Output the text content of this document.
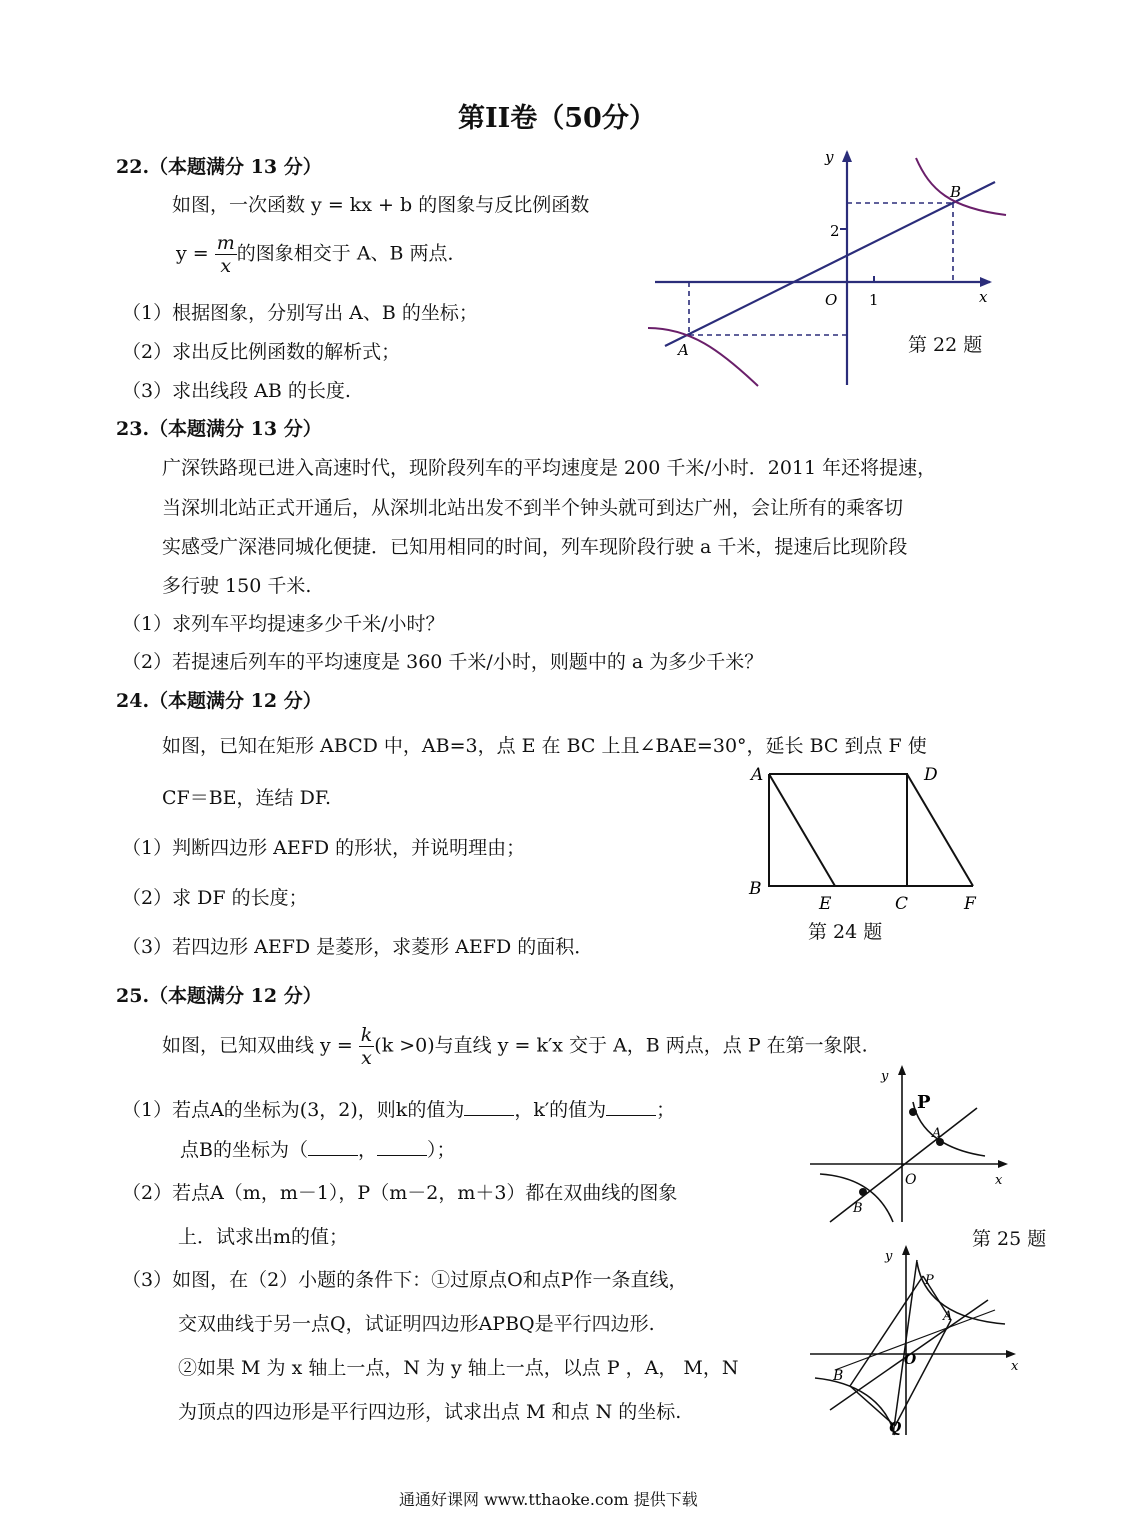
第II卷（50分）
22.（本题满分 13 分）
如图，一次函数 y = kx + b 的图象与反比例函数
$y = \frac{m}{x}$ 的图象相交于 A、B 两点．
（1）根据图象，分别写出 A、B 的坐标；
（2）求出反比例函数的解析式；
（3）求出线段 AB 的长度.
y
x
O 1
2
A
B
第 22 题
23.（本题满分 13 分）
广深铁路现已进入高速时代，现阶段列车的平均速度是 200 千米/小时．2011 年还将提速，
当深圳北站正式开通后，从深圳北站出发不到半个钟头就可到达广州，会让所有的乘客切
实感受广深港同城化便捷．已知用相同的时间，列车现阶段行驶 a 千米，提速后比现阶段
多行驶 150 千米.
（1）求列车平均提速多少千米/小时？
（2）若提速后列车的平均速度是 360 千米/小时，则题中的 a 为多少千米？
24.（本题满分 12 分）
如图，已知在矩形 ABCD 中，AB=3，点 E 在 BC 上且∠BAE=30°，延长 BC 到点 F 使
CF＝BE，连结 DF.
（1）判断四边形 AEFD 的形状，并说明理由；
（2）求 DF 的长度；
（3）若四边形 AEFD 是菱形，求菱形 AEFD 的面积．
A	D
B
E	C	F
第 24 题
25.（本题满分 12 分）
如图，已知双曲线 $y = \frac{k}{x} (k >0)$与直线 y = k′x 交于 A，B 两点，点 P 在第一象限.
（1）若点A的坐标为(3，2)，则k的值为	，k′的值为	；
点B的坐标为（	，	）；
（2）若点A（m，m－1），P（m－2，m＋3）都在双曲线的图象
上．试求出m的值；
（3）如图，在（2）小题的条件下：①过原点O和点P作一条直线，
交双曲线于另一点Q，试证明四边形APBQ是平行四边形.
②如果 M 为 x 轴上一点，N 为 y 轴上一点，以点 P ，A， M，N
为顶点的四边形是平行四边形，试求出点 M 和点 N 的坐标.
y
x
O
P
A
B
第 25 题
y
x
O
P
A
B
Q
通通好课网 www.tthaoke.com 提供下载
